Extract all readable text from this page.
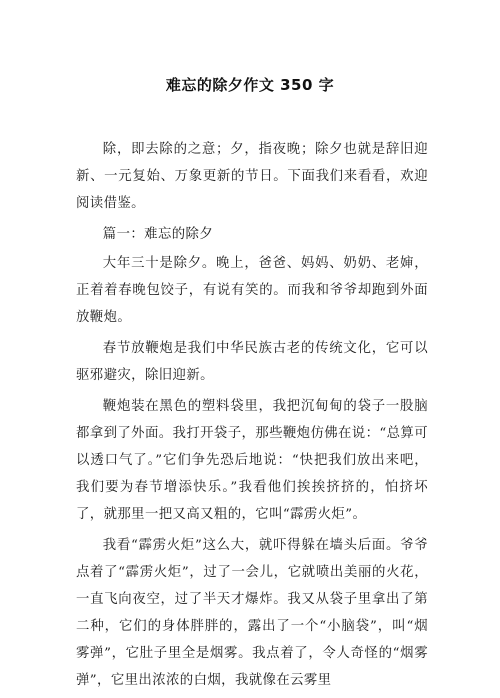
难忘的除夕作文 350 字

除，即去除的之意；夕，指夜晚；除夕也就是辞旧迎新、一元复始、万象更新的节日。下面我们来看看，欢迎阅读借鉴。

篇一：难忘的除夕

大年三十是除夕。晚上，爸爸、妈妈、奶奶、老婶，正着着春晚包饺子，有说有笑的。而我和爷爷却跑到外面放鞭炮。

春节放鞭炮是我们中华民族古老的传统文化，它可以驱邪避灾，除旧迎新。

鞭炮装在黑色的塑料袋里，我把沉甸甸的袋子一股脑都拿到了外面。我打开袋子，那些鞭炮仿佛在说：“总算可以透口气了。”它们争先恐后地说：“快把我们放出来吧，我们要为春节增添快乐。”我看他们挨挨挤挤的，怕挤坏了，就那里一把又高又粗的，它叫“霹雳火炬”。

我看“霹雳火炬”这么大，就吓得躲在墙头后面。爷爷点着了“霹雳火炬”，过了一会儿，它就喷出美丽的火花，一直飞向夜空，过了半天才爆炸。我又从袋子里拿出了第二种，它们的身体胖胖的，露出了一个“小脑袋”，叫“烟雾弹”，它肚子里全是烟雾。我点着了，令人奇怪的“烟雾弹”，它里出浓浓的白烟，我就像在云雾里
